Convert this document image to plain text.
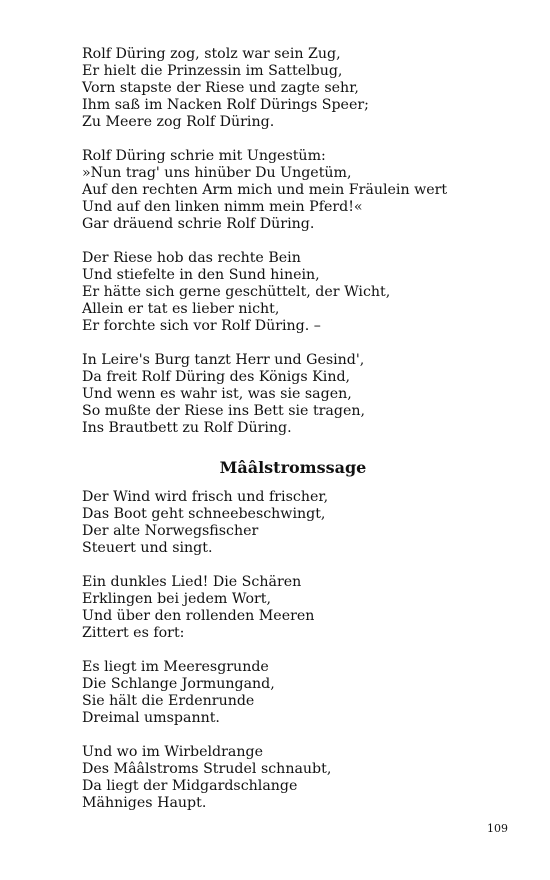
Rolf Düring zog, stolz war sein Zug,
Er hielt die Prinzessin im Sattelbug,
Vorn stapste der Riese und zagte sehr,
Ihm saß im Nacken Rolf Dürings Speer;
Zu Meere zog Rolf Düring.
Rolf Düring schrie mit Ungestüm:
»Nun trag' uns hinüber Du Ungetüm,
Auf den rechten Arm mich und mein Fräulein wert
Und auf den linken nimm mein Pferd!«
Gar dräuend schrie Rolf Düring.
Der Riese hob das rechte Bein
Und stiefelte in den Sund hinein,
Er hätte sich gerne geschüttelt, der Wicht,
Allein er tat es lieber nicht,
Er forchte sich vor Rolf Düring. –
In Leire's Burg tanzt Herr und Gesind',
Da freit Rolf Düring des Königs Kind,
Und wenn es wahr ist, was sie sagen,
So mußte der Riese ins Bett sie tragen,
Ins Brautbett zu Rolf Düring.
Mââlstromssage
Der Wind wird frisch und frischer,
Das Boot geht schneebeschwingt,
Der alte Norwegsfischer
Steuert und singt.
Ein dunkles Lied! Die Schären
Erklingen bei jedem Wort,
Und über den rollenden Meeren
Zittert es fort:
Es liegt im Meeresgrunde
Die Schlange Jormungand,
Sie hält die Erdenrunde
Dreimal umspannt.
Und wo im Wirbeldrange
Des Mââlstroms Strudel schnaubt,
Da liegt der Midgardschlange
Mähniges Haupt.
109
